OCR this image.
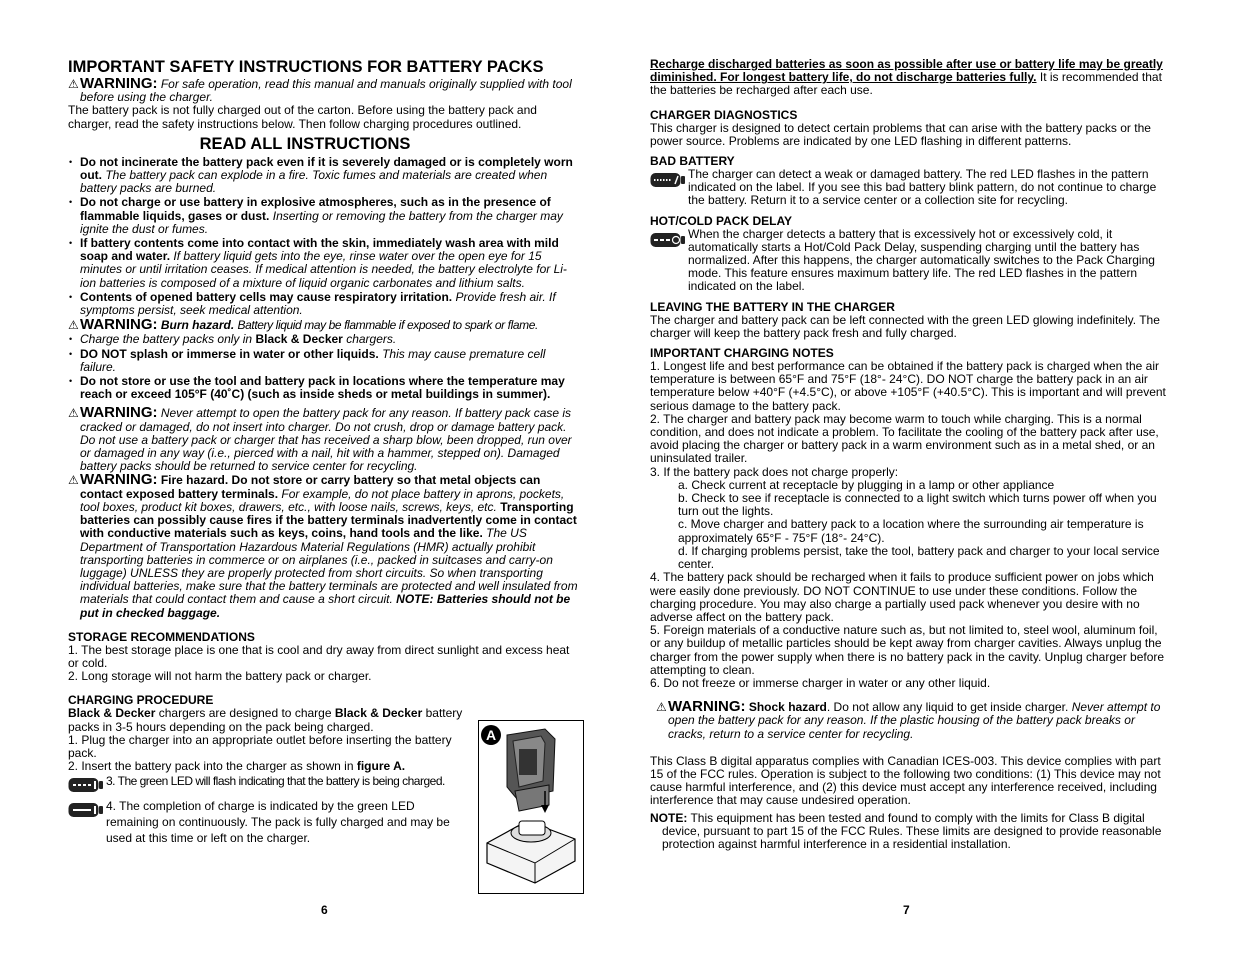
IMPORTANT SAFETY INSTRUCTIONS FOR BATTERY PACKS
⚠WARNING: For safe operation, read this manual and manuals originally supplied with tool before using the charger.

The battery pack is not fully charged out of the carton. Before using the battery pack and charger, read the safety instructions below. Then follow charging procedures outlined.

READ ALL INSTRUCTIONS
• Do not incinerate the battery pack even if it is severely damaged or is completely worn out. The battery pack can explode in a fire. Toxic fumes and materials are created when battery packs are burned.
• Do not charge or use battery in explosive atmospheres, such as in the presence of flammable liquids, gases or dust. Inserting or removing the battery from the charger may ignite the dust or fumes.
• If battery contents come into contact with the skin, immediately wash area with mild soap and water. If battery liquid gets into the eye, rinse water over the open eye for 15 minutes or until irritation ceases. If medical attention is needed, the battery electrolyte for Li-ion batteries is composed of a mixture of liquid organic carbonates and lithium salts.
• Contents of opened battery cells may cause respiratory irritation. Provide fresh air. If symptoms persist, seek medical attention.
⚠WARNING: Burn hazard. Battery liquid may be flammable if exposed to spark or flame.
• Charge the battery packs only in Black & Decker chargers.
• DO NOT splash or immerse in water or other liquids. This may cause premature cell failure.
• Do not store or use the tool and battery pack in locations where the temperature may reach or exceed 105°F (40˚C) (such as inside sheds or metal buildings in summer).
⚠WARNING: Never attempt to open the battery pack for any reason. If battery pack case is cracked or damaged, do not insert into charger. Do not crush, drop or damage battery pack. Do not use a battery pack or charger that has received a sharp blow, been dropped, run over or damaged in any way (i.e., pierced with a nail, hit with a hammer, stepped on). Damaged battery packs should be returned to service center for recycling.
⚠WARNING: Fire hazard. Do not store or carry battery so that metal objects can contact exposed battery terminals. For example, do not place battery in aprons, pockets, tool boxes, product kit boxes, drawers, etc., with loose nails, screws, keys, etc. Transporting batteries can possibly cause fires if the battery terminals inadvertently come in contact with conductive materials such as keys, coins, hand tools and the like. The US Department of Transportation Hazardous Material Regulations (HMR) actually prohibit transporting batteries in commerce or on airplanes (i.e., packed in suitcases and carry-on luggage) UNLESS they are properly protected from short circuits. So when transporting individual batteries, make sure that the battery terminals are protected and well insulated from materials that could contact them and cause a short circuit. NOTE: Batteries should not be put in checked baggage.
STORAGE RECOMMENDATIONS

1. The best storage place is one that is cool and dry away from direct sunlight and excess heat or cold.

2. Long storage will not harm the battery pack or charger.

CHARGING PROCEDURE

Black & Decker chargers are designed to charge Black & Decker battery packs in 3-5 hours depending on the pack being charged.

1. Plug the charger into an appropriate outlet before inserting the battery pack.

2. Insert the battery pack into the charger as shown in figure A.

3. The green LED will flash indicating that the battery is being charged.

4. The completion of charge is indicated by the green LED remaining on continuously. The pack is fully charged and may be used at this time or left on the charger.

A
6

Recharge discharged batteries as soon as possible after use or battery life may be greatly diminished. For longest battery life, do not discharge batteries fully. It is recommended that the batteries be recharged after each use.

CHARGER DIAGNOSTICS

This charger is designed to detect certain problems that can arise with the battery packs or the power source. Problems are indicated by one LED flashing in different patterns.

BAD BATTERY

The charger can detect a weak or damaged battery. The red LED flashes in the pattern indicated on the label. If you see this bad battery blink pattern, do not continue to charge the battery. Return it to a service center or a collection site for recycling.

HOT/COLD PACK DELAY

When the charger detects a battery that is excessively hot or excessively cold, it automatically starts a Hot/Cold Pack Delay, suspending charging until the battery has normalized. After this happens, the charger automatically switches to the Pack Charging mode. This feature ensures maximum battery life. The red LED flashes in the pattern indicated on the label.

LEAVING THE BATTERY IN THE CHARGER

The charger and battery pack can be left connected with the green LED glowing indefinitely. The charger will keep the battery pack fresh and fully charged.

IMPORTANT CHARGING NOTES

1. Longest life and best performance can be obtained if the battery pack is charged when the air temperature is between 65°F and 75°F (18°- 24°C). DO NOT charge the battery pack in an air temperature below +40°F (+4.5°C), or above +105°F (+40.5°C). This is important and will prevent serious damage to the battery pack.

2. The charger and battery pack may become warm to touch while charging. This is a normal condition, and does not indicate a problem. To facilitate the cooling of the battery pack after use, avoid placing the charger or battery pack in a warm environment such as in a metal shed, or an uninsulated trailer.

3. If the battery pack does not charge properly:

a. Check current at receptacle by plugging in a lamp or other appliance

b. Check to see if receptacle is connected to a light switch which turns power off when you turn out the lights.

c. Move charger and battery pack to a location where the surrounding air temperature is approximately 65°F - 75°F (18°- 24°C).

d. If charging problems persist, take the tool, battery pack and charger to your local service center.

4. The battery pack should be recharged when it fails to produce sufficient power on jobs which were easily done previously. DO NOT CONTINUE to use under these conditions. Follow the charging procedure. You may also charge a partially used pack whenever you desire with no adverse affect on the battery pack.

5. Foreign materials of a conductive nature such as, but not limited to, steel wool, aluminum foil, or any buildup of metallic particles should be kept away from charger cavities. Always unplug the charger from the power supply when there is no battery pack in the cavity. Unplug charger before attempting to clean.

6. Do not freeze or immerse charger in water or any other liquid.

⚠WARNING: Shock hazard. Do not allow any liquid to get inside charger. Never attempt to open the battery pack for any reason. If the plastic housing of the battery pack breaks or cracks, return to a service center for recycling.

This Class B digital apparatus complies with Canadian ICES-003. This device complies with part 15 of the FCC rules. Operation is subject to the following two conditions: (1) This device may not cause harmful interference, and (2) this device must accept any interference received, including interference that may cause undesired operation.

NOTE: This equipment has been tested and found to comply with the limits for Class B digital device, pursuant to part 15 of the FCC Rules. These limits are designed to provide reasonable protection against harmful interference in a residential installation.

7
